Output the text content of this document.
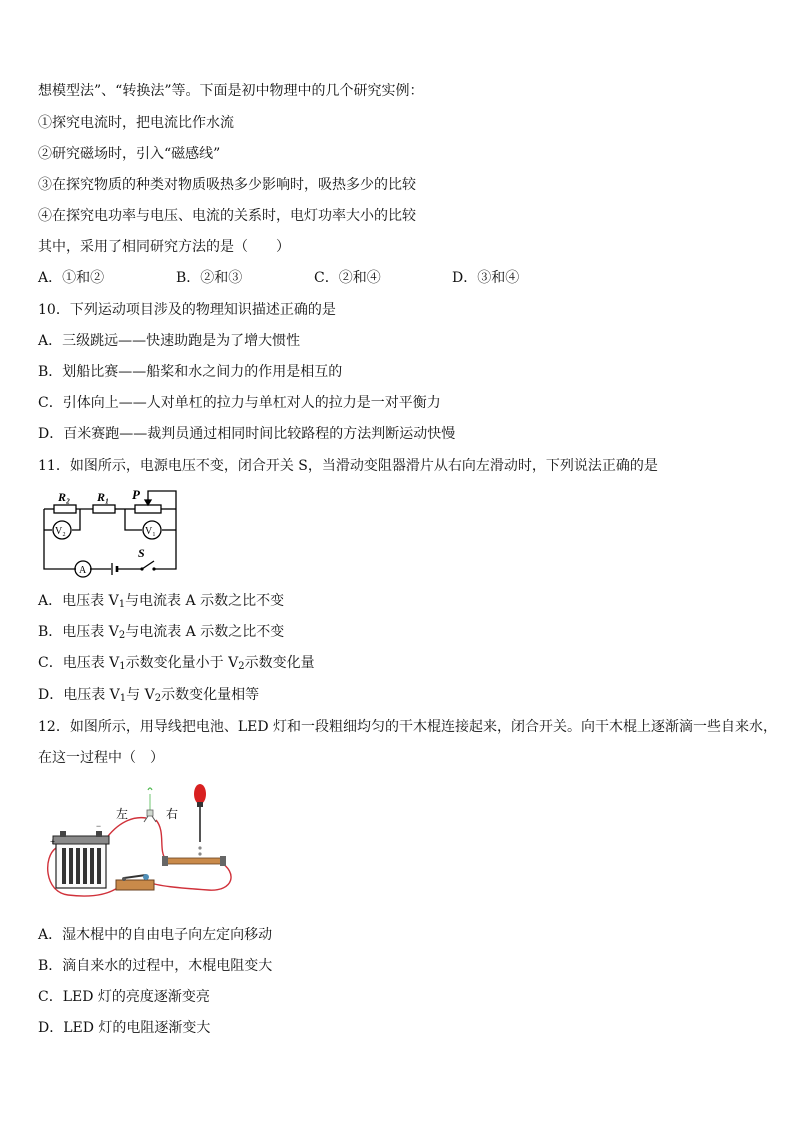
想模型法”、“转换法”等。下面是初中物理中的几个研究实例：
①探究电流时，把电流比作水流
②研究磁场时，引入“磁感线”
③在探究物质的种类对物质吸热多少影响时，吸热多少的比较
④在探究电功率与电压、电流的关系时，电灯功率大小的比较
其中，采用了相同研究方法的是（　　）
A．①和②	B．②和③	C．②和④	D．③和④
10．下列运动项目涉及的物理知识描述正确的是
A．三级跳远——快速助跑是为了增大惯性
B．划船比赛——船桨和水之间力的作用是相互的
C．引体向上——人对单杠的拉力与单杠对人的拉力是一对平衡力
D．百米赛跑——裁判员通过相同时间比较路程的方法判断运动快慢
11．如图所示，电源电压不变，闭合开关 S，当滑动变阻器滑片从右向左滑动时，下列说法正确的是
R₂ R₁ P
V₂	V₁
A
S
A．电压表 $V_1$与电流表 A 示数之比不变
B．电压表 $V_2$与电流表 A 示数之比不变
C．电压表 $V_1$示数变化量小于 $V_2$示数变化量
D．电压表 $V_1$与 $V_2$示数变化量相等
12．如图所示，用导线把电池、LED 灯和一段粗细均匀的干木棍连接起来，闭合开关。向干木棍上逐渐滴一些自来水，
在这一过程中（　）
+
−
左	右
A．湿木棍中的自由电子向左定向移动
B．滴自来水的过程中，木棍电阻变大
C．LED 灯的亮度逐渐变亮
D．LED 灯的电阻逐渐变大
